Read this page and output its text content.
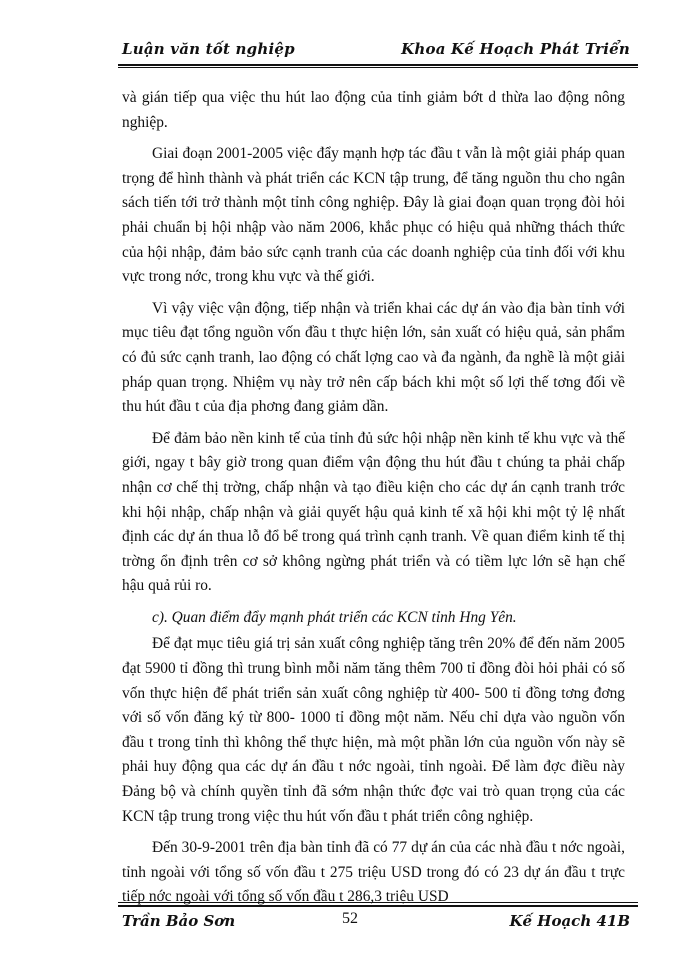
Luận văn tốt nghiệp	Khoa Kế Hoạch Phát Triển

và gián tiếp qua việc thu hút lao động của tỉnh giảm bớt d thừa lao động nông nghiệp.

Giai đoạn 2001-2005 việc đẩy mạnh hợp tác đầu t vẫn là một giải pháp quan trọng để hình thành và phát triển các KCN tập trung, để tăng nguồn thu cho ngân sách tiến tới trở thành một tỉnh công nghiệp. Đây là giai đoạn quan trọng đòi hỏi phải chuẩn bị hội nhập vào năm 2006, khắc phục có hiệu quả những thách thức của hội nhập, đảm bảo sức cạnh tranh của các doanh nghiệp của tỉnh đối với khu vực trong nớc, trong khu vực và thế giới.

Vì vậy việc vận động, tiếp nhận và triển khai các dự án vào địa bàn tỉnh với mục tiêu đạt tổng nguồn vốn đầu t thực hiện lớn, sản xuất có hiệu quả, sản phẩm có đủ sức cạnh tranh, lao động có chất lợng cao và đa ngành, đa nghề là một giải pháp quan trọng. Nhiệm vụ này trở nên cấp bách khi một số lợi thế tơng đối về thu hút đầu t của địa phơng đang giảm dần.

Để đảm bảo nền kinh tế của tỉnh đủ sức hội nhập nền kinh tế khu vực và thế giới, ngay t bây giờ trong quan điểm vận động thu hút đầu t chúng ta phải chấp nhận cơ chế thị trờng, chấp nhận và tạo điều kiện cho các dự án cạnh tranh trớc khi hội nhập, chấp nhận và giải quyết hậu quả kinh tế xã hội khi một tỷ lệ nhất định các dự án thua lỗ đổ bể trong quá trình cạnh tranh. Về quan điểm kinh tế thị trờng ổn định trên cơ sở không ngừng phát triển và có tiềm lực lớn sẽ hạn chế hậu quả rủi ro.

c). Quan điểm đẩy mạnh phát triển các KCN tỉnh Hng Yên.

Để đạt mục tiêu giá trị sản xuất công nghiệp tăng trên 20% để đến năm 2005 đạt 5900 tỉ đồng thì trung bình mỗi năm tăng thêm 700 tỉ đồng đòi hỏi phải có số vốn thực hiện để phát triển sản xuất công nghiệp từ 400- 500 tỉ đồng tơng đơng với số vốn đăng ký từ 800- 1000 tỉ đồng một năm. Nếu chỉ dựa vào nguồn vốn đầu t trong tỉnh thì không thể thực hiện, mà một phần lớn của nguồn vốn này sẽ phải huy động qua các dự án đầu t nớc ngoài, tỉnh ngoài. Để làm đợc điều này Đảng bộ và chính quyền tỉnh đã sớm nhận thức đợc vai trò quan trọng của các KCN tập trung trong việc thu hút vốn đầu t phát triển công nghiệp.

Đến 30-9-2001 trên địa bàn tỉnh đã có 77 dự án của các nhà đầu t nớc ngoài, tỉnh ngoài với tổng số vốn đầu t 275 triệu USD trong đó có 23 dự án đầu t trực tiếp nớc ngoài với tổng số vốn đầu t 286,3 triệu USD

Trần Bảo Sơn	52	Kế Hoạch 41B
